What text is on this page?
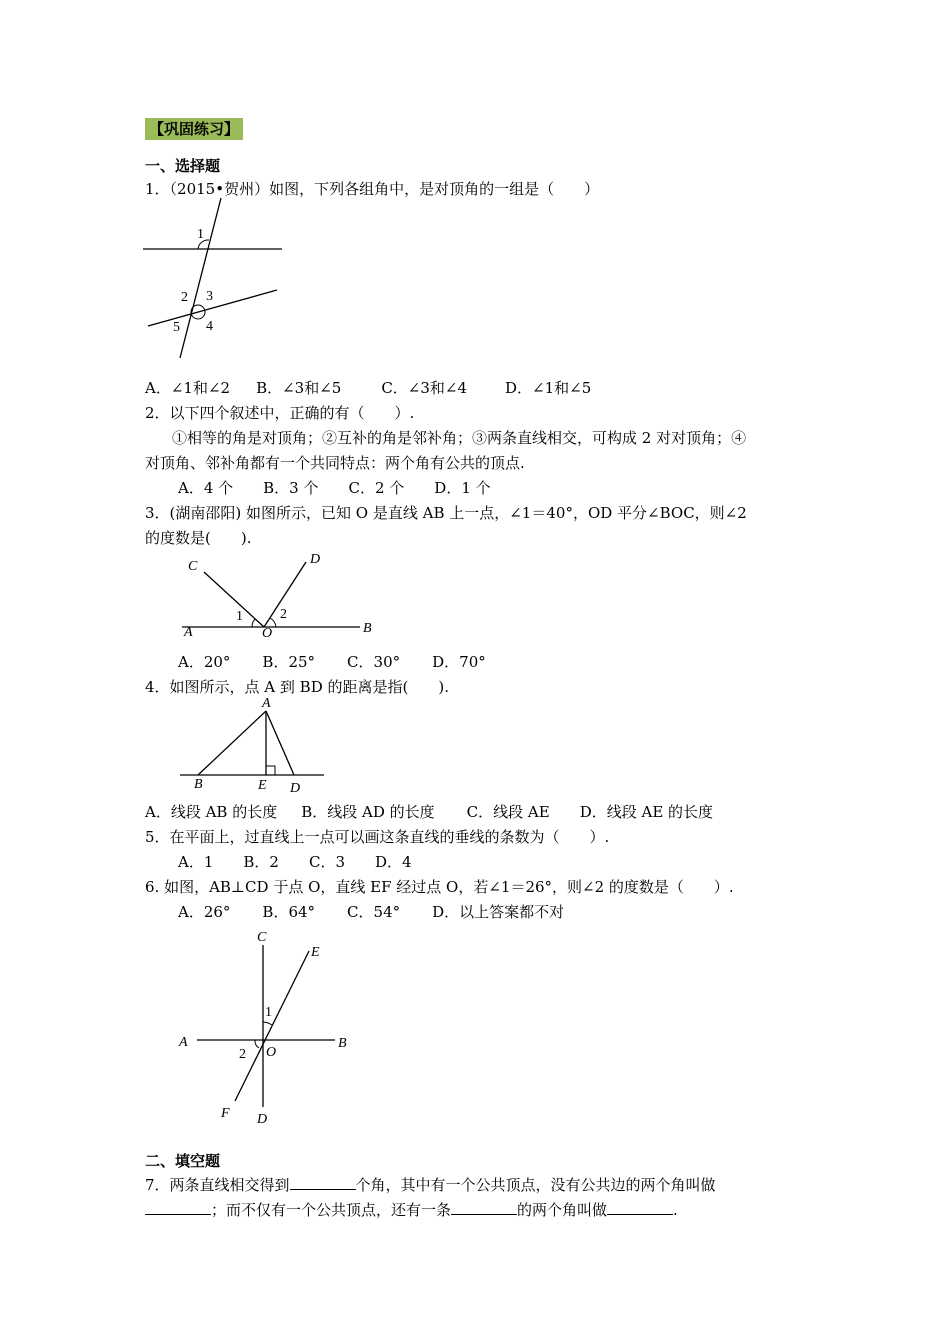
【巩固练习】
一、选择题
1．（2015•贺州）如图，下列各组角中，是对顶角的一组是（　　）
1
2 3
4
5
A．∠1和∠2 B．∠3和∠5	C．∠3和∠4	D．∠1和∠5
2．以下四个叙述中，正确的有（　　）.
①相等的角是对顶角；②互补的角是邻补角；③两条直线相交，可构成 2 对对顶角；④
对顶角、邻补角都有一个共同特点：两个角有公共的顶点.
A．4 个 B．3 个 C．2 个 D．1 个
3．(湖南邵阳) 如图所示，已知 O 是直线 AB 上一点，∠1＝40°，OD 平分∠BOC，则∠2
的度数是(　　).
C	D
1	2
A	O	B
A．20° B．25° C．30° D．70°
4．如图所示，点 A 到 BD 的距离是指(　　).
A
B	E D
A．线段 AB 的长度 B．线段 AD 的长度 C．线段 AE D．线段 AE 的长度
5．在平面上，过直线上一点可以画这条直线的垂线的条数为（　　）.
A．1 B．2 C．3 D．4
6. 如图，AB⊥CD 于点 O，直线 EF 经过点 O，若∠1＝26°，则∠2 的度数是（　　）.
A．26° B．64° C．54° D．以上答案都不对
C
E
1
A
2 O
B
F D
二、填空题
7．两条直线相交得到	个角，其中有一个公共顶点，没有公共边的两个角叫做
；而不仅有一个公共顶点，还有一条	的两个角叫做	.
